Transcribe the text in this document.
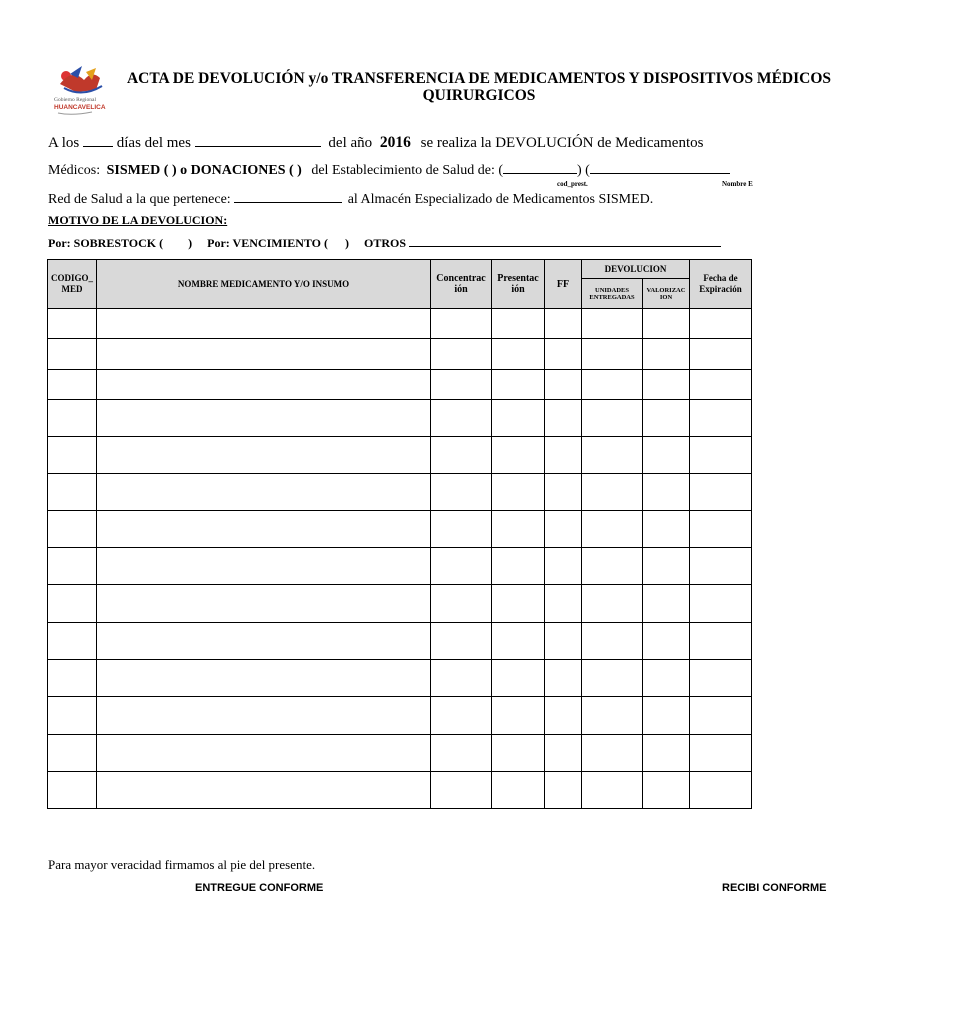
Gobierno Regional
HUANCAVELICA
ACTA DE DEVOLUCIÓN y/o TRANSFERENCIA DE MEDICAMENTOS Y DISPOSITIVOS MÉDICOS
QUIRURGICOS
A los	días del mes	del año 2016 se realiza la DEVOLUCIÓN de Medicamentos
Médicos: SISMED ( ) o DONACIONES ( ) del Establecimiento de Salud de: (	) (
cod_prest.	Nombre E
Red de Salud a la que pertenece:	al Almacén Especializado de Medicamentos SISMED.
MOTIVO DE LA DEVOLUCION:
Por: SOBRESTOCK ( ) Por: VENCIMIENTO ( ) OTROS
CODIGO_ MED	NOMBRE MEDICAMENTO Y/O INSUMO	Concentrac ión	Presentac ión	FF	DEVOLUCION		Fecha de Expiración
					UNIDADES ENTREGADAS	VALORIZAC ION	

Para mayor veracidad firmamos al pie del presente.
ENTREGUE CONFORME	RECIBI CONFORME
